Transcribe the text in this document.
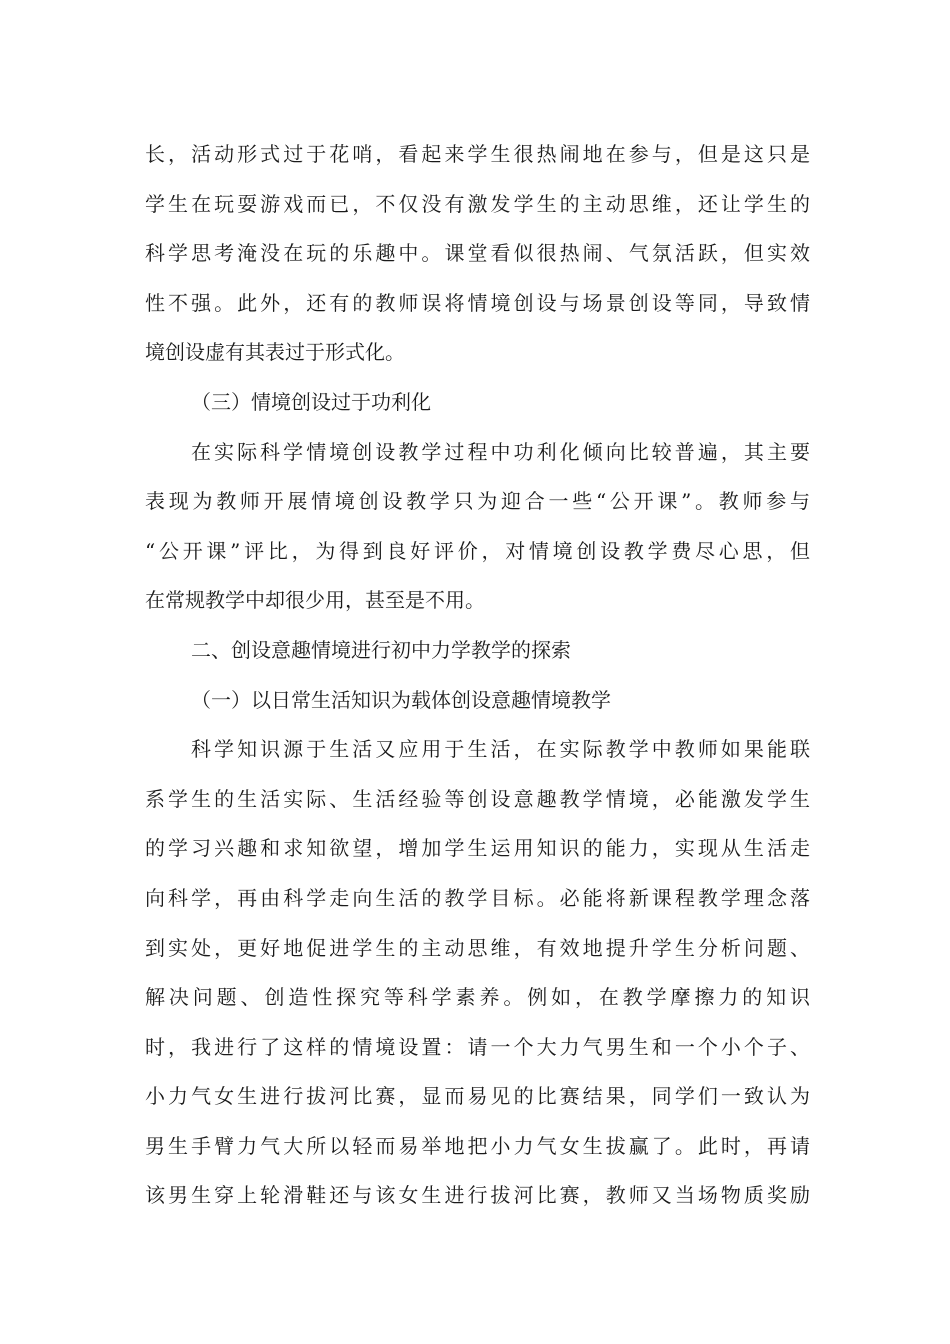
长，活动形式过于花哨，看起来学生很热闹地在参与，但是这只是
学生在玩耍游戏而已，不仅没有激发学生的主动思维，还让学生的
科学思考淹没在玩的乐趣中。课堂看似很热闹、气氛活跃，但实效
性不强。此外，还有的教师误将情境创设与场景创设等同，导致情
境创设虚有其表过于形式化。
（三）情境创设过于功利化
在实际科学情境创设教学过程中功利化倾向比较普遍，其主要
表现为教师开展情境创设教学只为迎合一些“公开课”。教师参与
“公开课”评比，为得到良好评价，对情境创设教学费尽心思，但
在常规教学中却很少用，甚至是不用。
二、创设意趣情境进行初中力学教学的探索
（一）以日常生活知识为载体创设意趣情境教学
科学知识源于生活又应用于生活，在实际教学中教师如果能联
系学生的生活实际、生活经验等创设意趣教学情境，必能激发学生
的学习兴趣和求知欲望，增加学生运用知识的能力，实现从生活走
向科学，再由科学走向生活的教学目标。必能将新课程教学理念落
到实处，更好地促进学生的主动思维，有效地提升学生分析问题、
解决问题、创造性探究等科学素养。例如，在教学摩擦力的知识
时，我进行了这样的情境设置：请一个大力气男生和一个小个子、
小力气女生进行拔河比赛，显而易见的比赛结果，同学们一致认为
男生手臂力气大所以轻而易举地把小力气女生拔赢了。此时，再请
该男生穿上轮滑鞋还与该女生进行拔河比赛，教师又当场物质奖励
